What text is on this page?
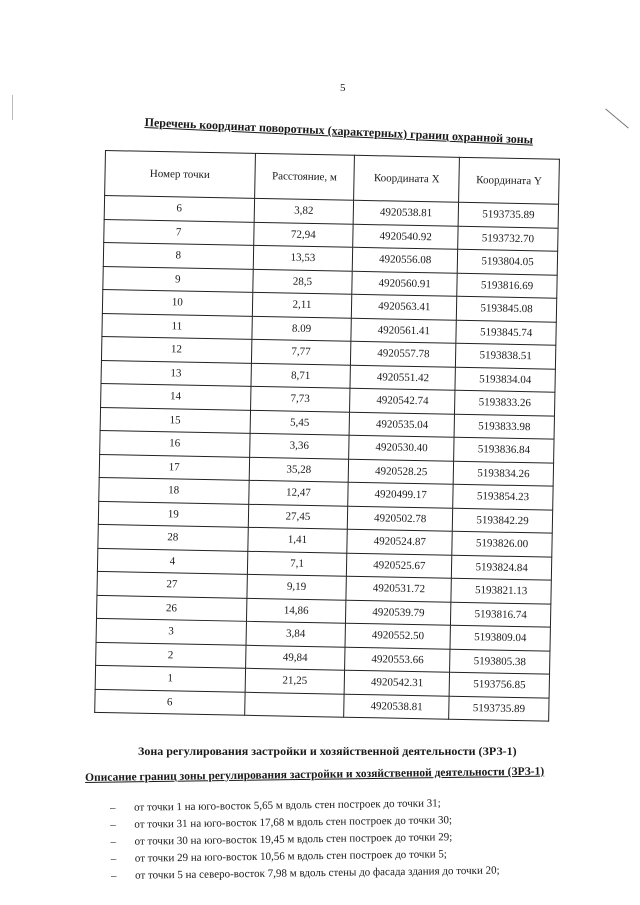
5
Перечень координат поворотных (характерных) границ охранной зоны
Номер точки	Расстояние, м	Координата X	Координата Y
6	3,82	4920538.81	5193735.89
7	72,94	4920540.92	5193732.70
8	13,53	4920556.08	5193804.05
9	28,5	4920560.91	5193816.69
10	2,11	4920563.41	5193845.08
11	8.09	4920561.41	5193845.74
12	7,77	4920557.78	5193838.51
13	8,71	4920551.42	5193834.04
14	7,73	4920542.74	5193833.26
15	5,45	4920535.04	5193833.98
16	3,36	4920530.40	5193836.84
17	35,28	4920528.25	5193834.26
18	12,47	4920499.17	5193854.23
19	27,45	4920502.78	5193842.29
28	1,41	4920524.87	5193826.00
4	7,1	4920525.67	5193824.84
27	9,19	4920531.72	5193821.13
26	14,86	4920539.79	5193816.74
3	3,84	4920552.50	5193809.04
2	49,84	4920553.66	5193805.38
1	21,25	4920542.31	5193756.85
6		4920538.81	5193735.89
Зона регулирования застройки и хозяйственной деятельности (ЗРЗ-1)
Описание границ зоны регулирования застройки и хозяйственной деятельности (ЗРЗ-1)
– от точки 1 на юго-восток 5,65 м вдоль стен построек до точки 31;
– от точки 31 на юго-восток 17,68 м вдоль стен построек до точки 30;
– от точки 30 на юго-восток 19,45 м вдоль стен построек до точки 29;
– от точки 29 на юго-восток 10,56 м вдоль стен построек до точки 5;
– от точки 5 на северо-восток 7,98 м вдоль стены до фасада здания до точки 20;
